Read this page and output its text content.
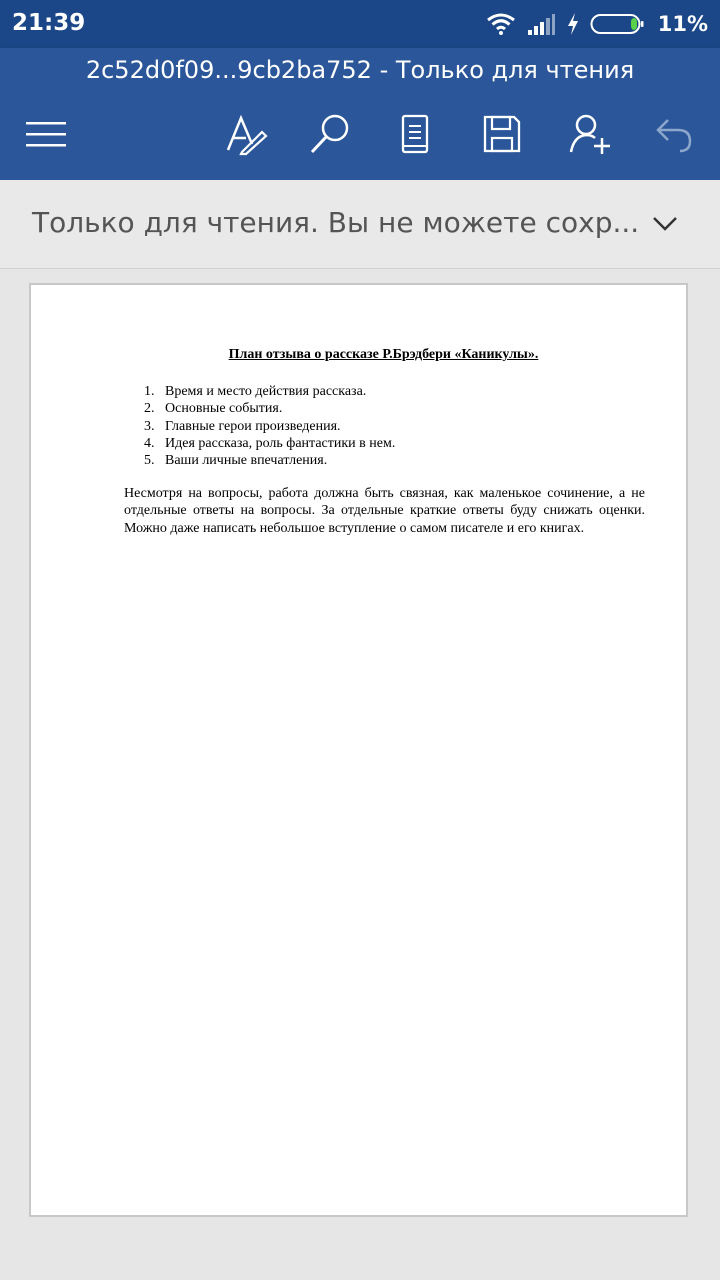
21:39	11%
2c52d0f09...9cb2ba752 - Только для чтения
Только для чтения. Вы не можете сохр...
План отзыва о рассказе Р.Брэдбери «Каникулы».
1. Время и место действия рассказа.
2. Основные события.
3. Главные герои произведения.
4. Идея рассказа, роль фантастики в нем.
5. Ваши личные впечатления.

Несмотря на вопросы, работа должна быть связная, как маленькое сочинение, а не отдельные ответы на вопросы. За отдельные краткие ответы буду снижать оценки. Можно даже написать небольшое вступление о самом писателе и его книгах.
